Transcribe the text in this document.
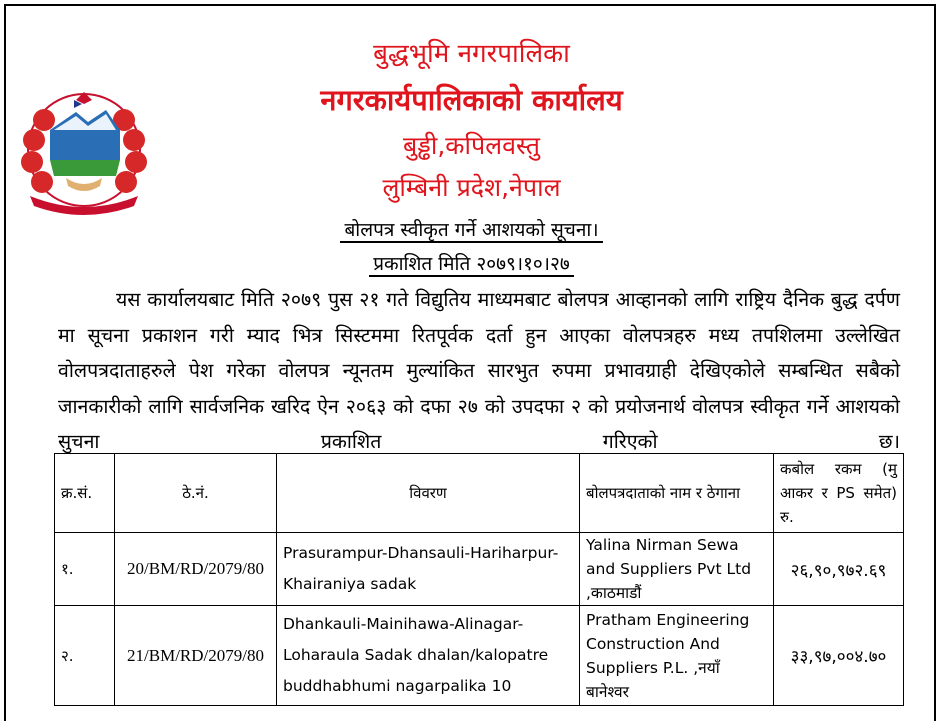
बुद्धभूमि नगरपालिका
नगरकार्यपालिकाको कार्यालय
बुड्ढी,कपिलवस्तु
लुम्बिनी प्रदेश,नेपाल
बोलपत्र स्वीकृत गर्ने आशयको सूचना।
प्रकाशित मिति २०७९।१०।२७
यस कार्यालयबाट मिति २०७९ पुस २१ गते विद्युतिय माध्यमबाट बोलपत्र आव्हानको लागि राष्ट्रिय दैनिक बुद्ध दर्पण मा सूचना प्रकाशन गरी म्याद भित्र सिस्टममा रितपूर्वक दर्ता हुन आएका वोलपत्रहरु मध्य तपशिलमा उल्लेखित वोलपत्रदाताहरुले पेश गरेका वोलपत्र न्यूनतम मुल्यांकित सारभुत रुपमा प्रभावग्राही देखिएकोले सम्बन्धित सबैको जानकारीको लागि सार्वजनिक खरिद ऐन २०६३ को दफा २७ को उपदफा २ को प्रयोजनार्थ वोलपत्र स्वीकृत गर्ने आशयको सुचना प्रकाशित गरिएको छ।
क्र.सं.	ठे.नं.	विवरण	बोलपत्रदाताको नाम र ठेगाना	कबोल रकम (मु आकर र PS समेत) रु.
१.	20/BM/RD/2079/80	Prasurampur-Dhansauli-Hariharpur-Khairaniya sadak	Yalina Nirman Sewa and Suppliers Pvt Ltd ,काठमाडौं	२६,९०,९७२.६९
२.	21/BM/RD/2079/80	Dhankauli-Mainihawa-Alinagar-Loharaula Sadak dhalan/kalopatre buddhabhumi nagarpalika 10	Pratham Engineering Construction And Suppliers P.L. ,नयाँ बानेश्वर	३३,९७,००४.७०
